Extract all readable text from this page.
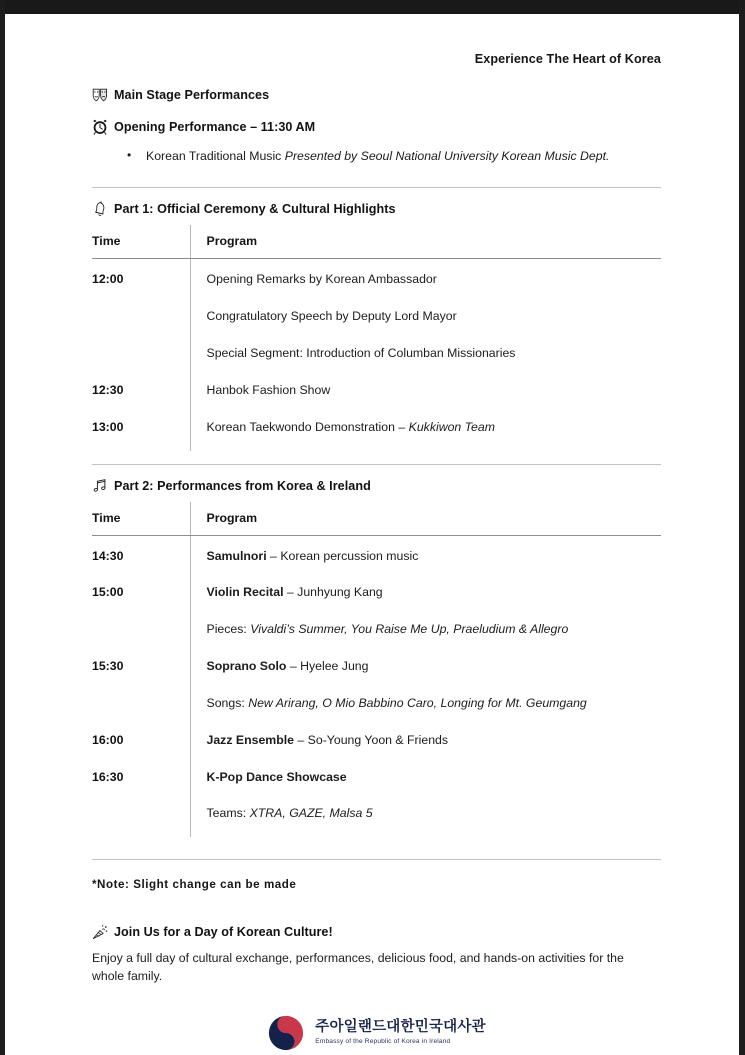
Experience The Heart of Korea
Main Stage Performances
Opening Performance – 11:30 AM
• Korean Traditional Music Presented by Seoul National University Korean Music Dept.
Part 1: Official Ceremony & Cultural Highlights
Time	Program
12:00	Opening Remarks by Korean Ambassador
	Congratulatory Speech by Deputy Lord Mayor
	Special Segment: Introduction of Columban Missionaries
12:30	Hanbok Fashion Show
13:00	Korean Taekwondo Demonstration – Kukkiwon Team
Part 2: Performances from Korea & Ireland
Time	Program
14:30	Samulnori – Korean percussion music
15:00	Violin Recital – Junhyung Kang
	Pieces: Vivaldi’s Summer, You Raise Me Up, Praeludium & Allegro
15:30	Soprano Solo – Hyelee Jung
	Songs: New Arirang, O Mio Babbino Caro, Longing for Mt. Geumgang
16:00	Jazz Ensemble – So-Young Yoon & Friends
16:30	K-Pop Dance Showcase
	Teams: XTRA, GAZE, Malsa 5
*Note: Slight change can be made
Join Us for a Day of Korean Culture!
Enjoy a full day of cultural exchange, performances, delicious food, and hands-on activities for the whole family.
주아일랜드대한민국대사관
Embassy of the Republic of Korea in Ireland
